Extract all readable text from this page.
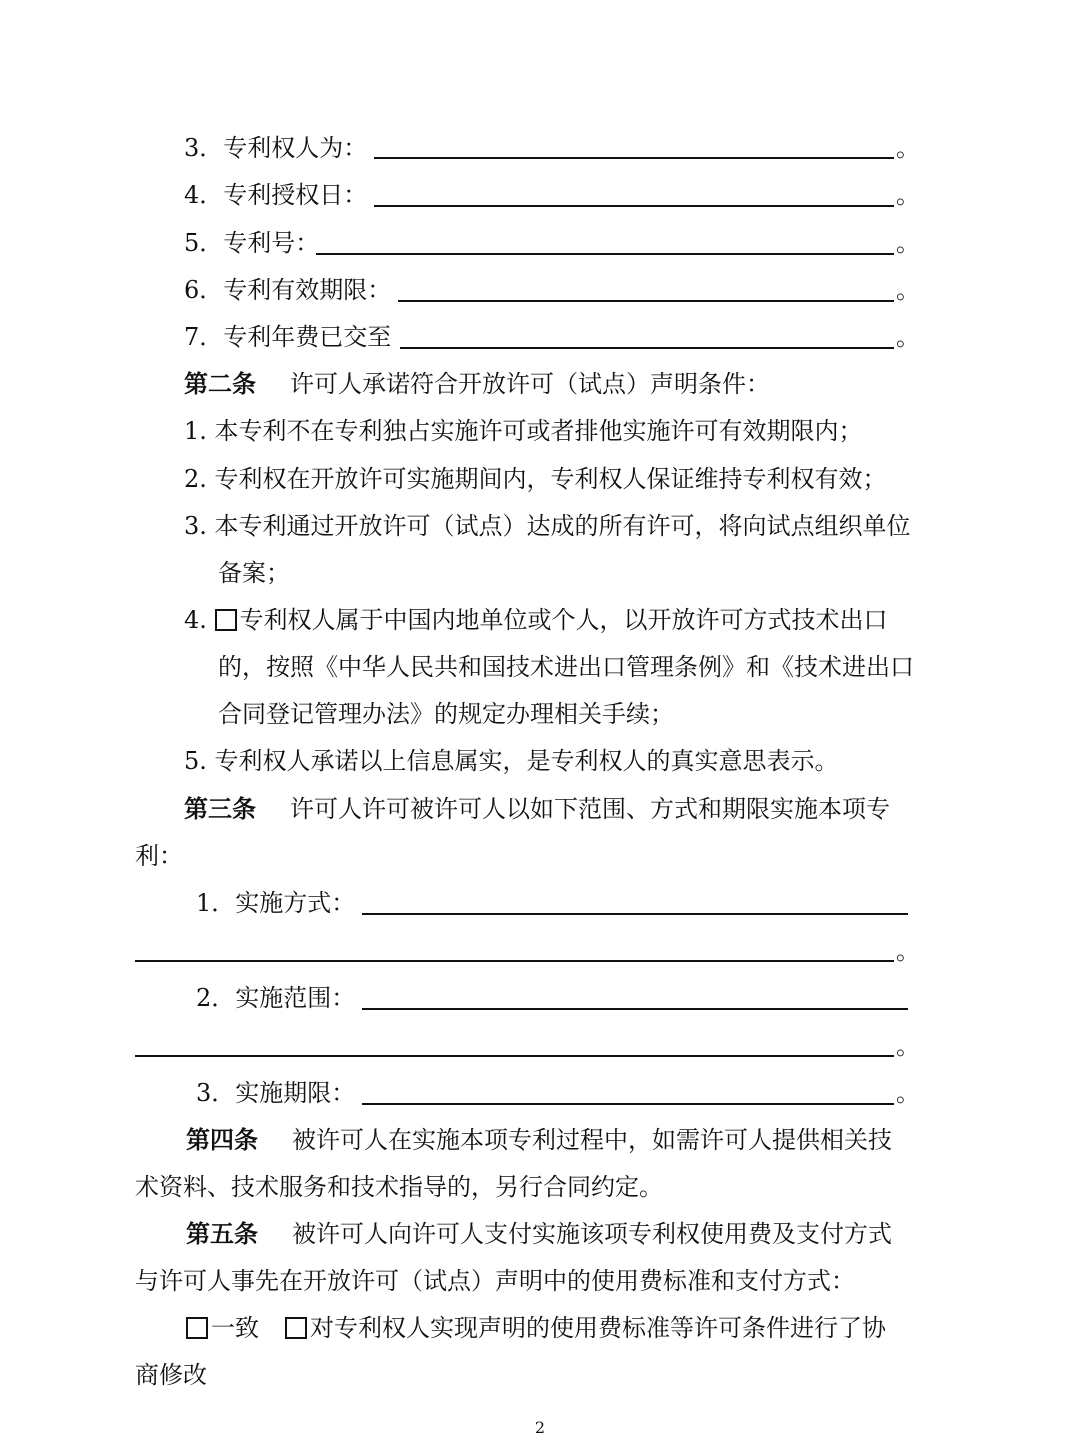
3．专利权人为：	。
4．专利授权日：	。
5．专利号：	。
6．专利有效期限：	。
7．专利年费已交至	。
第二条 许可人承诺符合开放许可（试点）声明条件：
1. 本专利不在专利独占实施许可或者排他实施许可有效期限内；
2. 专利权在开放许可实施期间内，专利权人保证维持专利权有效；
3. 本专利通过开放许可（试点）达成的所有许可，将向试点组织单位
备案；
4. 专利权人属于中国内地单位或个人，以开放许可方式技术出口
的，按照《中华人民共和国技术进出口管理条例》和《技术进出口
合同登记管理办法》的规定办理相关手续；
5. 专利权人承诺以上信息属实，是专利权人的真实意思表示。
第三条 许可人许可被许可人以如下范围、方式和期限实施本项专
利：
1．实施方式：
。
2．实施范围：
。
3．实施期限：	。
第四条 被许可人在实施本项专利过程中，如需许可人提供相关技
术资料、技术服务和技术指导的，另行合同约定。
第五条 被许可人向许可人支付实施该项专利权使用费及支付方式
与许可人事先在开放许可（试点）声明中的使用费标准和支付方式：
一致 对专利权人实现声明的使用费标准等许可条件进行了协
商修改
2
